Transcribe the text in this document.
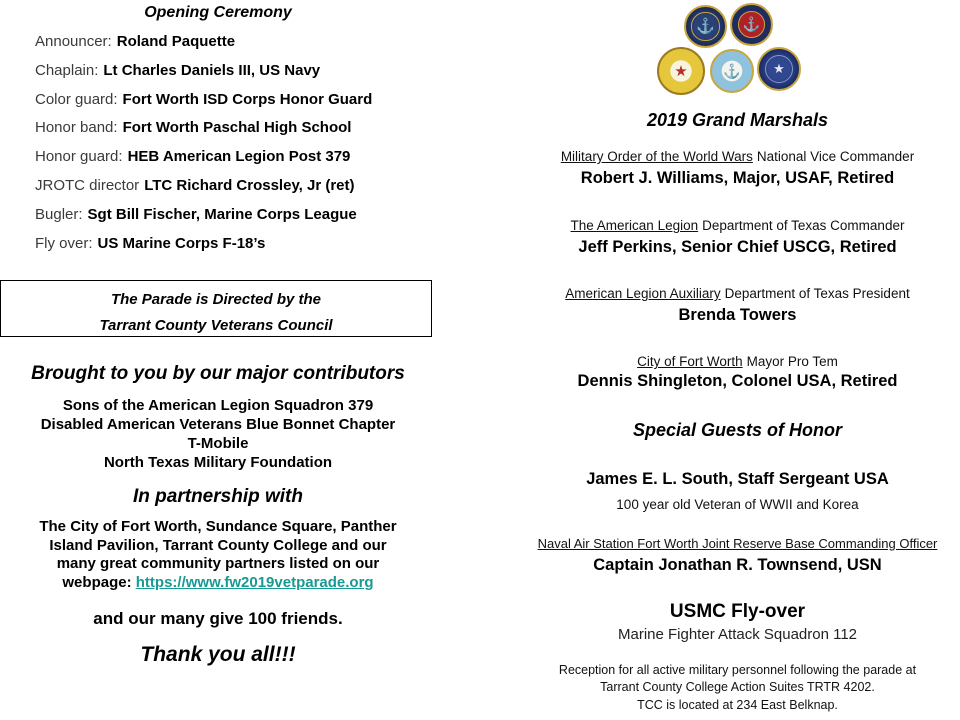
Opening Ceremony
Announcer: Roland Paquette
Chaplain: Lt Charles Daniels III, US Navy
Color guard: Fort Worth ISD Corps Honor Guard
Honor band: Fort Worth Paschal High School
Honor guard: HEB American Legion Post 379
JROTC director LTC Richard Crossley, Jr (ret)
Bugler: Sgt Bill Fischer, Marine Corps League
Fly over: US Marine Corps F-18’s
The Parade is Directed by the
Tarrant County Veterans Council
Brought to you by our major contributors
Sons of the American Legion Squadron 379
Disabled American Veterans Blue Bonnet Chapter
T-Mobile
North Texas Military Foundation
In partnership with
The City of Fort Worth, Sundance Square, Panther
Island Pavilion, Tarrant County College and our
many great community partners listed on our
webpage: https://www.fw2019vetparade.org
and our many give 100 friends.
Thank you all!!!
⚓	⚓
★	⚓	★
2019 Grand Marshals
Military Order of the World Wars National Vice Commander
Robert J. Williams, Major, USAF, Retired
The American Legion Department of Texas Commander
Jeff Perkins, Senior Chief USCG, Retired
American Legion Auxiliary Department of Texas President
Brenda Towers
City of Fort Worth Mayor Pro Tem
Dennis Shingleton, Colonel USA, Retired
Special Guests of Honor
James E. L. South, Staff Sergeant USA
100 year old Veteran of WWII and Korea
Naval Air Station Fort Worth Joint Reserve Base Commanding Officer
Captain Jonathan R. Townsend, USN
USMC Fly-over
Marine Fighter Attack Squadron 112
Reception for all active military personnel following the parade at
Tarrant County College Action Suites TRTR 4202.
TCC is located at 234 East Belknap.
